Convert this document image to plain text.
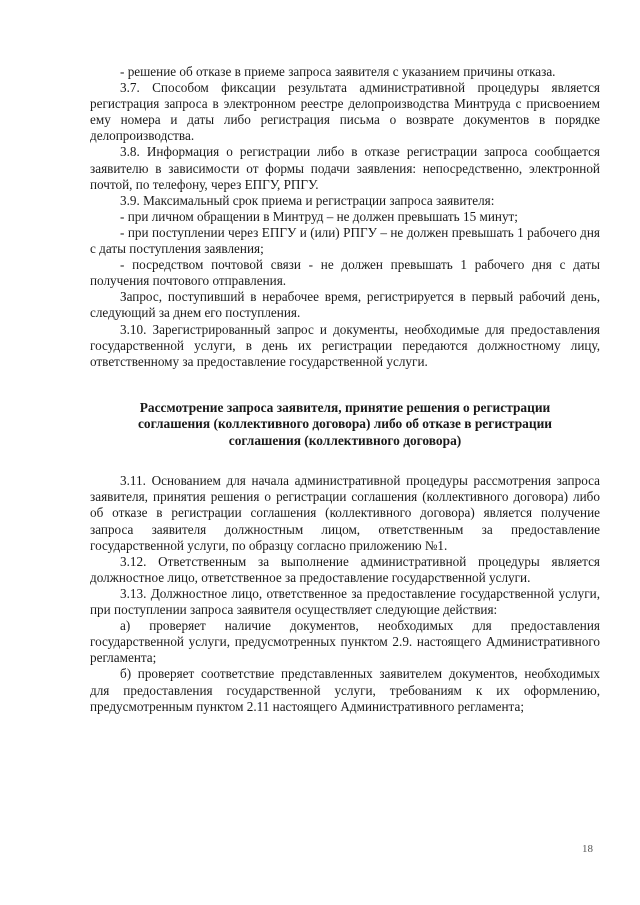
- решение об отказе в приеме запроса заявителя с указанием причины отказа.

3.7. Способом фиксации результата административной процедуры является регистрация запроса в электронном реестре делопроизводства Минтруда с присвоением ему номера и даты либо регистрация письма о возврате документов в порядке делопроизводства.

3.8. Информация о регистрации либо в отказе регистрации запроса сообщается заявителю в зависимости от формы подачи заявления: непосредственно, электронной почтой, по телефону, через ЕПГУ, РПГУ.

3.9. Максимальный срок приема и регистрации запроса заявителя:

- при личном обращении в Минтруд – не должен превышать 15 минут;

- при поступлении через ЕПГУ и (или) РПГУ – не должен превышать 1 рабочего дня с даты поступления заявления;

- посредством почтовой связи - не должен превышать 1 рабочего дня с даты получения почтового отправления.

Запрос, поступивший в нерабочее время, регистрируется в первый рабочий день, следующий за днем его поступления.

3.10. Зарегистрированный запрос и документы, необходимые для предоставления государственной услуги, в день их регистрации передаются должностному лицу, ответственному за предоставление государственной услуги.

Рассмотрение запроса заявителя, принятие решения о регистрации соглашения (коллективного договора) либо об отказе в регистрации соглашения (коллективного договора)

3.11. Основанием для начала административной процедуры рассмотрения запроса заявителя, принятия решения о регистрации соглашения (коллективного договора) либо об отказе в регистрации соглашения (коллективного договора) является получение запроса заявителя должностным лицом, ответственным за предоставление государственной услуги, по образцу согласно приложению №1.

3.12. Ответственным за выполнение административной процедуры является должностное лицо, ответственное за предоставление государственной услуги.

3.13. Должностное лицо, ответственное за предоставление государственной услуги, при поступлении запроса заявителя осуществляет следующие действия:

а) проверяет наличие документов, необходимых для предоставления государственной услуги, предусмотренных пунктом 2.9. настоящего Административного регламента;

б) проверяет соответствие представленных заявителем документов, необходимых для предоставления государственной услуги, требованиям к их оформлению, предусмотренным пунктом 2.11 настоящего Административного регламента;

18
